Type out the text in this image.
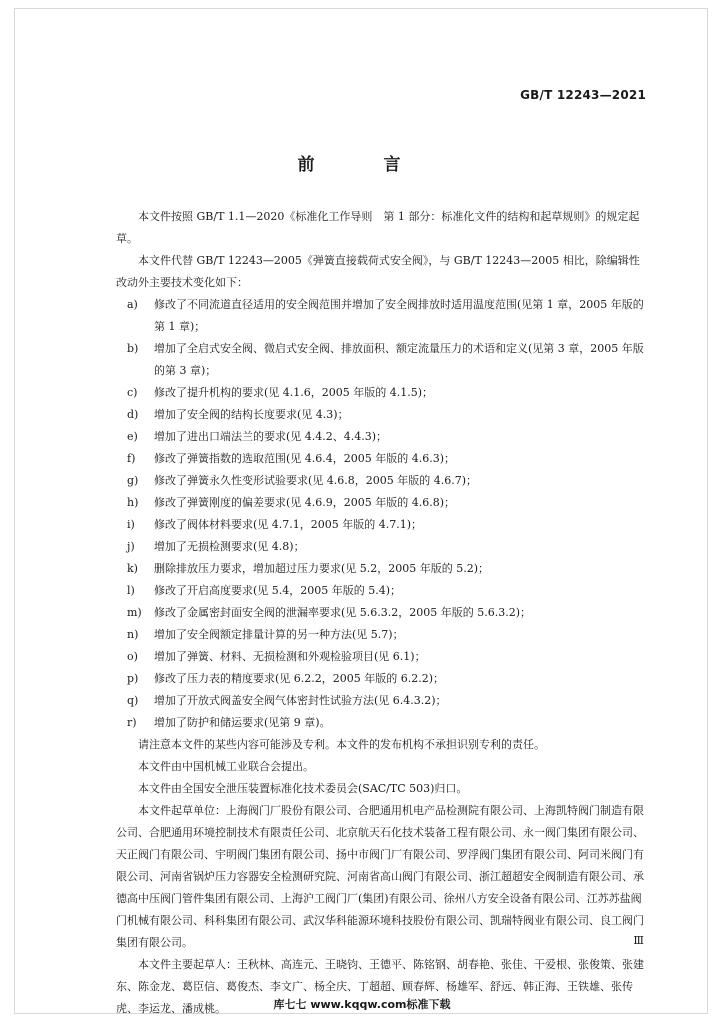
GB/T 12243—2021
前　言

本文件按照 GB/T 1.1—2020《标准化工作导则　第 1 部分：标准化文件的结构和起草规则》的规定起草。

本文件代替 GB/T 12243—2005《弹簧直接载荷式安全阀》，与 GB/T 12243—2005 相比，除编辑性改动外主要技术变化如下：

a)	修改了不同流道直径适用的安全阀范围并增加了安全阀排放时适用温度范围(见第 1 章，2005 年版的第 1 章)；
b)	增加了全启式安全阀、微启式安全阀、排放面积、额定流量压力的术语和定义(见第 3 章，2005 年版的第 3 章)；
c)	修改了提升机构的要求(见 4.1.6，2005 年版的 4.1.5)；
d)	增加了安全阀的结构长度要求(见 4.3)；
e)	增加了进出口端法兰的要求(见 4.4.2、4.4.3)；
f)	修改了弹簧指数的选取范围(见 4.6.4，2005 年版的 4.6.3)；
g)	修改了弹簧永久性变形试验要求(见 4.6.8，2005 年版的 4.6.7)；
h)	修改了弹簧刚度的偏差要求(见 4.6.9，2005 年版的 4.6.8)；
i)	修改了阀体材料要求(见 4.7.1，2005 年版的 4.7.1)；
j)	增加了无损检测要求(见 4.8)；
k)	删除排放压力要求，增加超过压力要求(见 5.2，2005 年版的 5.2)；
l)	修改了开启高度要求(见 5.4，2005 年版的 5.4)；
m)	修改了金属密封面安全阀的泄漏率要求(见 5.6.3.2，2005 年版的 5.6.3.2)；
n)	增加了安全阀额定排量计算的另一种方法(见 5.7)；
o)	增加了弹簧、材料、无损检测和外观检验项目(见 6.1)；
p)	修改了压力表的精度要求(见 6.2.2，2005 年版的 6.2.2)；
q)	增加了开放式阀盖安全阀气体密封性试验方法(见 6.4.3.2)；
r)	增加了防护和储运要求(见第 9 章)。

请注意本文件的某些内容可能涉及专利。本文件的发布机构不承担识别专利的责任。

本文件由中国机械工业联合会提出。

本文件由全国安全泄压装置标准化技术委员会(SAC/TC 503)归口。

本文件起草单位：上海阀门厂股份有限公司、合肥通用机电产品检测院有限公司、上海凯特阀门制造有限公司、合肥通用环境控制技术有限责任公司、北京航天石化技术装备工程有限公司、永一阀门集团有限公司、天正阀门有限公司、宇明阀门集团有限公司、扬中市阀门厂有限公司、罗浮阀门集团有限公司、阿司米阀门有限公司、河南省锅炉压力容器安全检测研究院、河南省高山阀门有限公司、浙江超超安全阀制造有限公司、承德高中压阀门管件集团有限公司、上海沪工阀门厂(集团)有限公司、徐州八方安全设备有限公司、江苏苏盐阀门机械有限公司、科科集团有限公司、武汉华科能源环境科技股份有限公司、凯瑞特阀业有限公司、良工阀门集团有限公司。

本文件主要起草人：王秋林、高连元、王晓钧、王德平、陈铭钢、胡春艳、张佳、干爱根、张俊策、张建东、陈金龙、葛臣信、葛俊杰、李文广、杨全庆、丁超超、顾春辉、杨雄军、舒远、韩正海、王铁雄、张传虎、李运龙、潘成桃。

Ⅲ
库七七 www.kqqw.com标准下载
